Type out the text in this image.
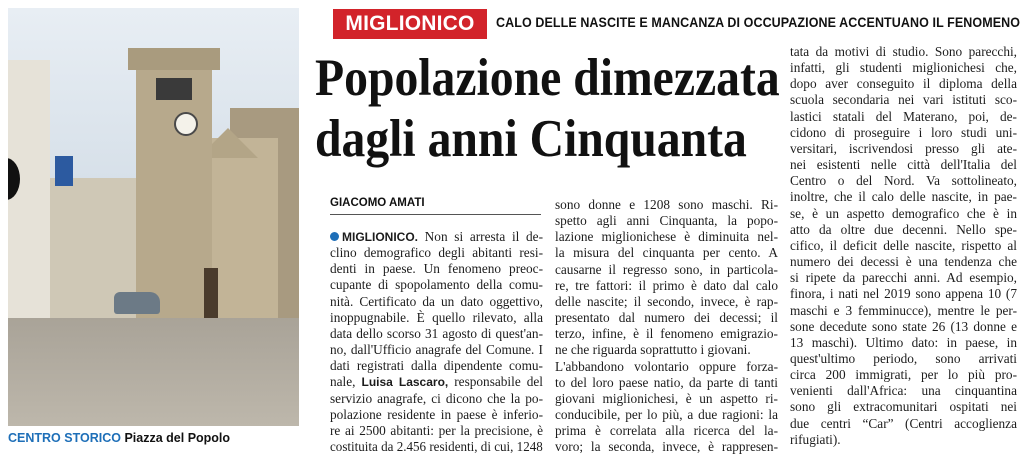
CENTRO STORICO Piazza del Popolo
MIGLIONICO	CALO DELLE NASCITE E MANCANZA DI OCCUPAZIONE ACCENTUANO IL FENOMENO
Popolazione dimezzata
dagli anni Cinquanta
GIACOMO AMATI
MIGLIONICO. Non si arresta il de-
clino demografico degli abitanti resi-
denti in paese. Un fenomeno preoc-
cupante di spopolamento della comu-
nità. Certificato da un dato oggettivo,
inoppugnabile. È quello rilevato, alla
data dello scorso 31 agosto di quest'an-
no, dall'Ufficio anagrafe del Comune. I
dati registrati dalla dipendente comu-
nale, Luisa Lascaro, responsabile del
servizio anagrafe, ci dicono che la po-
polazione residente in paese è inferio-
re ai 2500 abitanti: per la precisione, è
costituita da 2.456 residenti, di cui, 1248
sono donne e 1208 sono maschi. Ri-
spetto agli anni Cinquanta, la popo-
lazione miglionichese è diminuita nel-
la misura del cinquanta per cento. A
causarne il regresso sono, in particola-
re, tre fattori: il primo è dato dal calo
delle nascite; il secondo, invece, è rap-
presentato dal numero dei decessi; il
terzo, infine, è il fenomeno emigrazio-
ne che riguarda soprattutto i giovani.
L'abbandono volontario oppure forza-
to del loro paese natio, da parte di tanti
giovani miglionichesi, è un aspetto ri-
conducibile, per lo più, a due ragioni: la
prima è correlata alla ricerca del la-
voro; la seconda, invece, è rappresen-
tata da motivi di studio. Sono parecchi,
infatti, gli studenti miglionichesi che,
dopo aver conseguito il diploma della
scuola secondaria nei vari istituti sco-
lastici statali del Materano, poi, de-
cidono di proseguire i loro studi uni-
versitari, iscrivendosi presso gli ate-
nei esistenti nelle città dell'Italia del
Centro o del Nord. Va sottolineato,
inoltre, che il calo delle nascite, in pae-
se, è un aspetto demografico che è in
atto da oltre due decenni. Nello spe-
cifico, il deficit delle nascite, rispetto al
numero dei decessi è una tendenza che
si ripete da parecchi anni. Ad esempio,
finora, i nati nel 2019 sono appena 10 (7
maschi e 3 femminucce), mentre le per-
sone decedute sono state 26 (13 donne e
13 maschi). Ultimo dato: in paese, in
quest'ultimo periodo, sono arrivati
circa 200 immigrati, per lo più pro-
venienti dall'Africa: una cinquantina
sono gli extracomunitari ospitati nei
due centri “Car” (Centri accoglienza
rifugiati).
